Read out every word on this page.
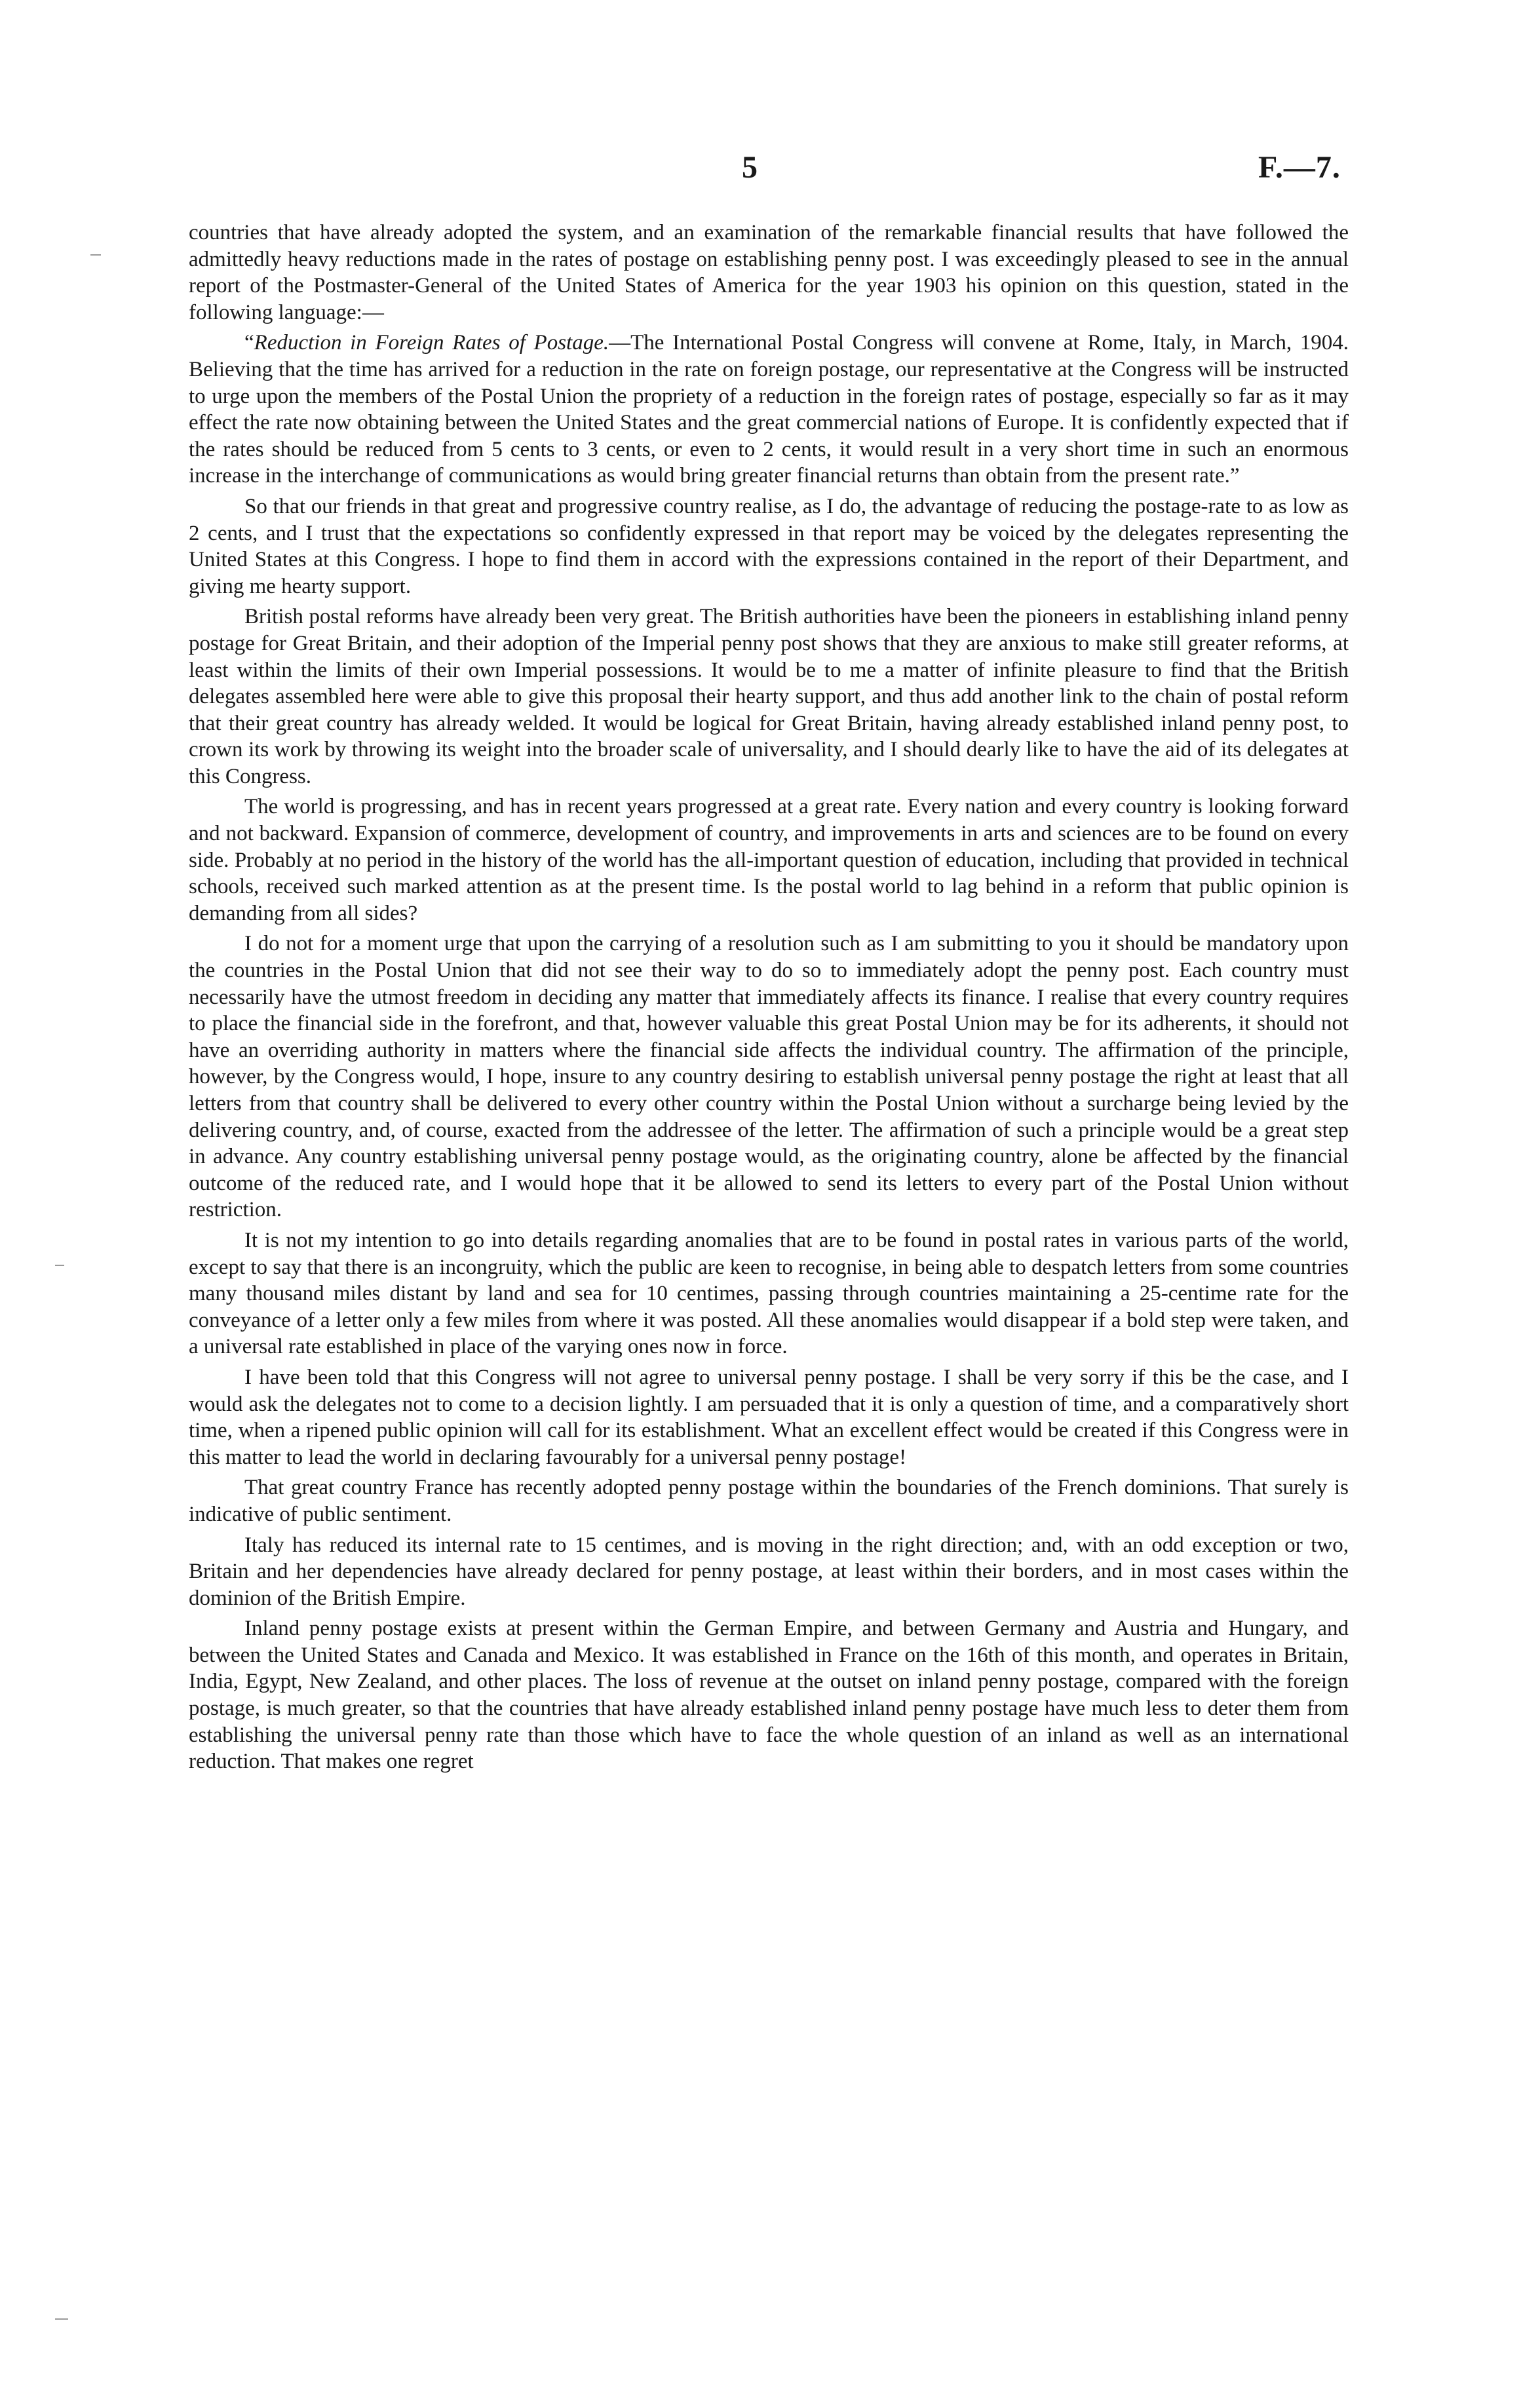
5	F.—7.

countries that have already adopted the system, and an examination of the remarkable financial results that have followed the admittedly heavy reductions made in the rates of postage on establishing penny post. I was exceedingly pleased to see in the annual report of the Postmaster-General of the United States of America for the year 1903 his opinion on this question, stated in the following language:—

“Reduction in Foreign Rates of Postage.—The International Postal Congress will convene at Rome, Italy, in March, 1904. Believing that the time has arrived for a reduction in the rate on foreign postage, our representative at the Congress will be instructed to urge upon the members of the Postal Union the propriety of a reduction in the foreign rates of postage, especially so far as it may effect the rate now obtaining between the United States and the great commercial nations of Europe. It is confidently expected that if the rates should be reduced from 5 cents to 3 cents, or even to 2 cents, it would result in a very short time in such an enormous increase in the interchange of communications as would bring greater financial returns than obtain from the present rate.”

So that our friends in that great and progressive country realise, as I do, the advantage of reducing the postage-rate to as low as 2 cents, and I trust that the expectations so confidently expressed in that report may be voiced by the delegates representing the United States at this Congress. I hope to find them in accord with the expressions contained in the report of their Department, and giving me hearty support.

British postal reforms have already been very great. The British authorities have been the pioneers in establishing inland penny postage for Great Britain, and their adoption of the Imperial penny post shows that they are anxious to make still greater reforms, at least within the limits of their own Imperial possessions. It would be to me a matter of infinite pleasure to find that the British delegates assembled here were able to give this proposal their hearty support, and thus add another link to the chain of postal reform that their great country has already welded. It would be logical for Great Britain, having already established inland penny post, to crown its work by throwing its weight into the broader scale of universality, and I should dearly like to have the aid of its delegates at this Congress.

The world is progressing, and has in recent years progressed at a great rate. Every nation and every country is looking forward and not backward. Expansion of commerce, development of country, and improvements in arts and sciences are to be found on every side. Probably at no period in the history of the world has the all-important question of education, including that provided in technical schools, received such marked attention as at the present time. Is the postal world to lag behind in a reform that public opinion is demanding from all sides?

I do not for a moment urge that upon the carrying of a resolution such as I am submitting to you it should be mandatory upon the countries in the Postal Union that did not see their way to do so to immediately adopt the penny post. Each country must necessarily have the utmost freedom in deciding any matter that immediately affects its finance. I realise that every country requires to place the financial side in the forefront, and that, however valuable this great Postal Union may be for its adherents, it should not have an overriding authority in matters where the financial side affects the individual country. The affirmation of the principle, however, by the Congress would, I hope, insure to any country desiring to establish universal penny postage the right at least that all letters from that country shall be delivered to every other country within the Postal Union without a surcharge being levied by the delivering country, and, of course, exacted from the addressee of the letter. The affirmation of such a principle would be a great step in advance. Any country establishing universal penny postage would, as the originating country, alone be affected by the financial outcome of the reduced rate, and I would hope that it be allowed to send its letters to every part of the Postal Union without restriction.

It is not my intention to go into details regarding anomalies that are to be found in postal rates in various parts of the world, except to say that there is an incongruity, which the public are keen to recognise, in being able to despatch letters from some countries many thousand miles distant by land and sea for 10 centimes, passing through countries maintaining a 25-centime rate for the conveyance of a letter only a few miles from where it was posted. All these anomalies would disappear if a bold step were taken, and a universal rate established in place of the varying ones now in force.

I have been told that this Congress will not agree to universal penny postage. I shall be very sorry if this be the case, and I would ask the delegates not to come to a decision lightly. I am persuaded that it is only a question of time, and a comparatively short time, when a ripened public opinion will call for its establishment. What an excellent effect would be created if this Congress were in this matter to lead the world in declaring favourably for a universal penny postage!

That great country France has recently adopted penny postage within the boundaries of the French dominions. That surely is indicative of public sentiment.

Italy has reduced its internal rate to 15 centimes, and is moving in the right direction; and, with an odd exception or two, Britain and her dependencies have already declared for penny postage, at least within their borders, and in most cases within the dominion of the British Empire.

Inland penny postage exists at present within the German Empire, and between Germany and Austria and Hungary, and between the United States and Canada and Mexico. It was established in France on the 16th of this month, and operates in Britain, India, Egypt, New Zealand, and other places. The loss of revenue at the outset on inland penny postage, compared with the foreign postage, is much greater, so that the countries that have already established inland penny postage have much less to deter them from establishing the universal penny rate than those which have to face the whole question of an inland as well as an international reduction. That makes one regret
